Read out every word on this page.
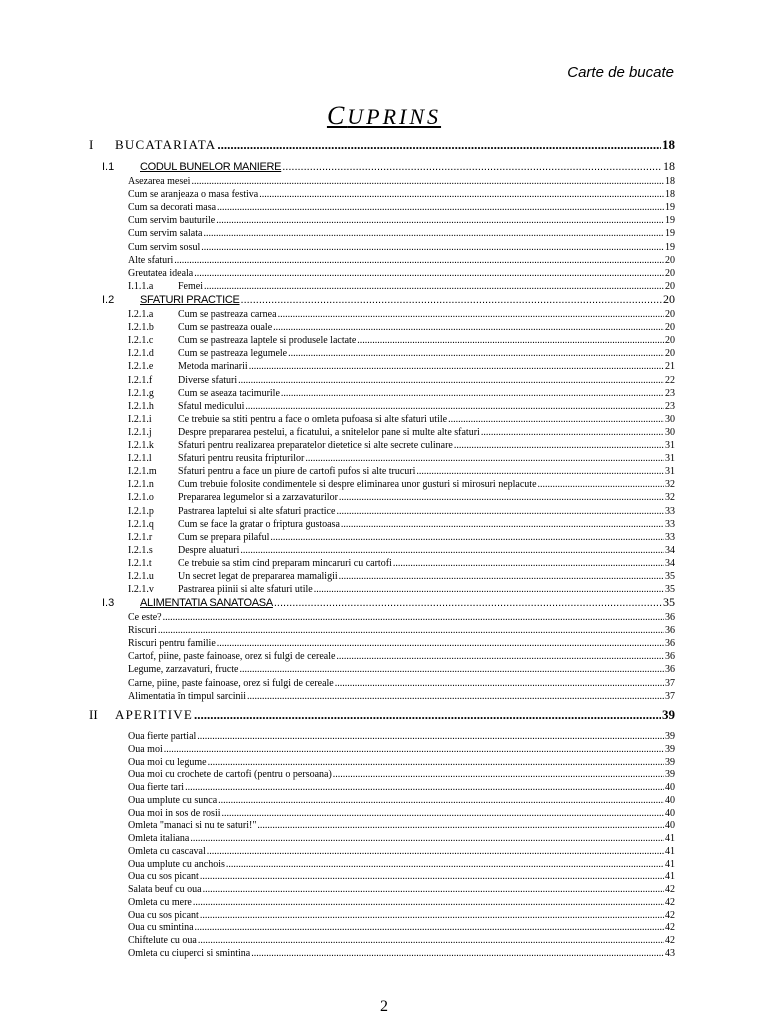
Carte de bucate
CUPRINS
I	BUCATARIATA .....	18
I.1	CODUL BUNELOR MANIERE .....	18
Asezarea mesei .....	18
Cum se aranjeaza o masa festiva .....	18
Cum sa decorati masa .....	19
Cum servim bauturile .....	19
Cum servim salata .....	19
Cum servim sosul .....	19
Alte sfaturi .....	20
Greutatea ideala .....	20
I.1.1.a	Femei .....	20
I.2	SFATURI PRACTICE .....	20
I.2.1.a	Cum se pastreaza carnea .....	20
I.2.1.b	Cum se pastreaza ouale .....	20
I.2.1.c	Cum se pastreaza laptele si produsele lactate .....	20
I.2.1.d	Cum se pastreaza legumele .....	20
I.2.1.e	Metoda marinarii .....	21
I.2.1.f	Diverse sfaturi .....	22
I.2.1.g	Cum se aseaza tacimurile .....	23
I.2.1.h	Sfatul medicului .....	23
I.2.1.i	Ce trebuie sa stiti pentru a face o omleta pufoasa si alte sfaturi utile .....	30
I.2.1.j	Despre prepararea pestelui, a ficatului, a snitelelor pane si multe alte sfaturi .....	30
I.2.1.k	Sfaturi pentru realizarea preparatelor dietetice si alte secrete culinare .....	31
I.2.1.l	Sfaturi pentru reusita fripturilor .....	31
I.2.1.m	Sfaturi pentru a face un piure de cartofi pufos si alte trucuri .....	31
I.2.1.n	Cum trebuie folosite condimentele si despre eliminarea unor gusturi si mirosuri neplacute .....	32
I.2.1.o	Prepararea legumelor si a zarzavaturilor .....	32
I.2.1.p	Pastrarea laptelui si alte sfaturi practice .....	33
I.2.1.q	Cum se face la gratar o friptura gustoasa .....	33
I.2.1.r	Cum se prepara pilaful .....	33
I.2.1.s	Despre aluaturi .....	34
I.2.1.t	Ce trebuie sa stim cind preparam mincaruri cu cartofi .....	34
I.2.1.u	Un secret legat de prepararea mamaligii .....	35
I.2.1.v	Pastrarea piinii si alte sfaturi utile .....	35
I.3	ALIMENTATIA SANATOASA .....	35
Ce este? .....	36
Riscuri .....	36
Riscuri pentru familie .....	36
Cartof, piine, paste fainoase, orez si fulgi de cereale .....	36
Legume, zarzavaturi, fructe .....	36
Carne, piine, paste fainoase, orez si fulgi de cereale .....	37
Alimentatia în timpul sarcinii .....	37
II	APERITIVE .....	39
Oua fierte partial .....	39
Oua moi .....	39
Oua moi cu legume .....	39
Oua moi cu crochete de cartofi (pentru o persoana) .....	39
Oua fierte tari .....	40
Oua umplute cu sunca .....	40
Oua moi in sos de rosii .....	40
Omleta "manaci si nu te saturi!" .....	40
Omleta italiana .....	41
Omleta cu cascaval .....	41
Oua umplute cu anchois .....	41
Oua cu sos picant .....	41
Salata beuf cu oua .....	42
Omleta cu mere .....	42
Oua cu sos picant .....	42
Oua cu smintina .....	42
Chiftelute cu oua .....	42
Omleta cu ciuperci si smintina .....	43
2
